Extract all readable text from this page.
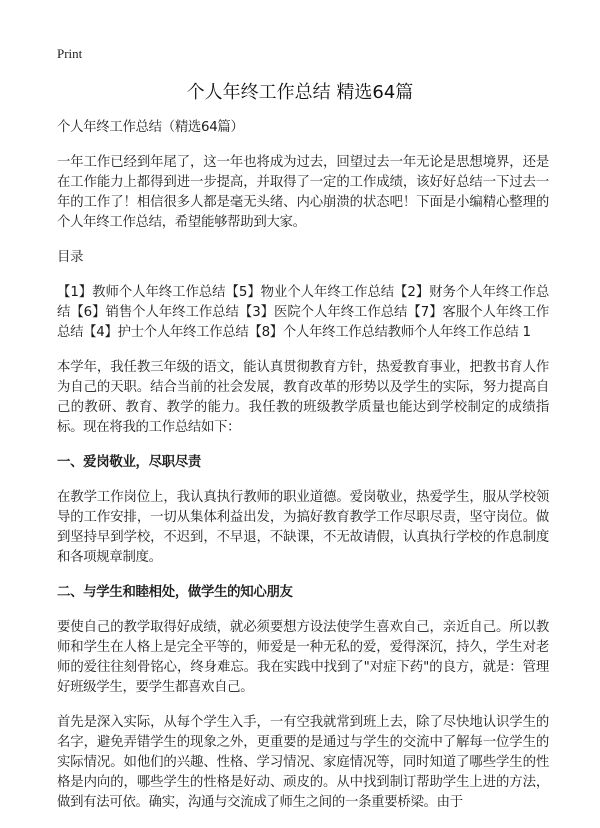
Print
个人年终工作总结 精选64篇

个人年终工作总结（精选64篇）

一年工作已经到年尾了，这一年也将成为过去，回望过去一年无论是思想境界，还是在工作能力上都得到进一步提高，并取得了一定的工作成绩，该好好总结一下过去一年的工作了！相信很多人都是毫无头绪、内心崩溃的状态吧！下面是小编精心整理的个人年终工作总结，希望能够帮助到大家。

目录

【1】教师个人年终工作总结【5】物业个人年终工作总结【2】财务个人年终工作总结【6】销售个人年终工作总结【3】医院个人年终工作总结【7】客服个人年终工作总结【4】护士个人年终工作总结【8】个人年终工作总结教师个人年终工作总结 1

本学年，我任教三年级的语文，能认真贯彻教育方针，热爱教育事业，把教书育人作为自己的天职。结合当前的社会发展，教育改革的形势以及学生的实际，努力提高自己的教研、教育、教学的能力。我任教的班级教学质量也能达到学校制定的成绩指标。现在将我的工作总结如下：

一、爱岗敬业，尽职尽责

在教学工作岗位上，我认真执行教师的职业道德。爱岗敬业，热爱学生，服从学校领导的工作安排，一切从集体利益出发，为搞好教育教学工作尽职尽责，坚守岗位。做到坚持早到学校，不迟到，不早退，不缺课，不无故请假，认真执行学校的作息制度和各项规章制度。

二、与学生和睦相处，做学生的知心朋友

要使自己的教学取得好成绩，就必须要想方设法使学生喜欢自己，亲近自己。所以教师和学生在人格上是完全平等的，师爱是一种无私的爱，爱得深沉，持久，学生对老师的爱往往刻骨铭心，终身难忘。我在实践中找到了"对症下药"的良方，就是：管理好班级学生，要学生都喜欢自己。

首先是深入实际，从每个学生入手，一有空我就常到班上去，除了尽快地认识学生的名字，避免弄错学生的现象之外，更重要的是通过与学生的交流中了解每一位学生的实际情况。如他们的兴趣、性格、学习情况、家庭情况等，同时知道了哪些学生的性格是内向的，哪些学生的性格是好动、顽皮的。从中找到制订帮助学生上进的方法，做到有法可依。确实，沟通与交流成了师生之间的一条重要桥梁。由于
